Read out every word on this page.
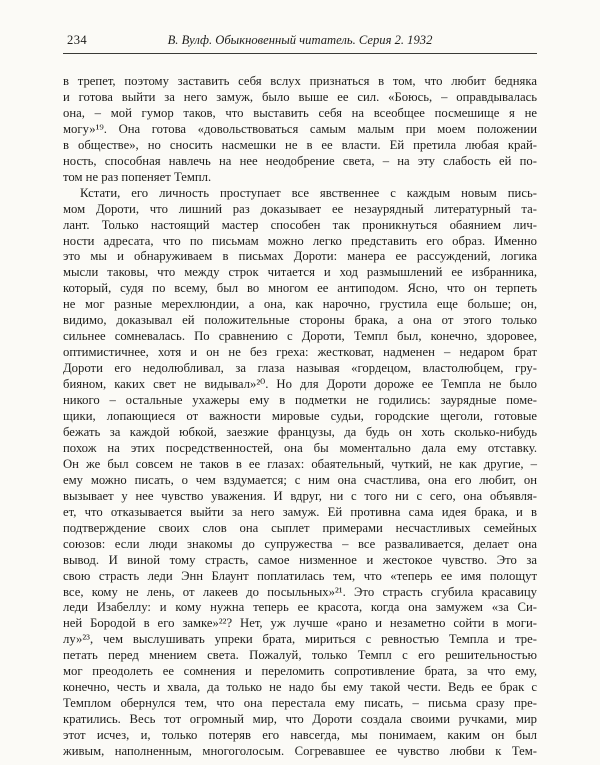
234	В. Вулф. Обыкновенный читатель. Серия 2. 1932
в трепет, поэтому заставить себя вслух признаться в том, что любит бедняка
и готова выйти за него замуж, было выше ее сил. «Боюсь, – оправдывалась
она, – мой гумор таков, что выставить себя на всеобщее посмешище я не
могу»¹⁹. Она готова «довольствоваться самым малым при моем положении
в обществе», но сносить насмешки не в ее власти. Ей претила любая край-
ность, способная навлечь на нее неодобрение света, – на эту слабость ей по-
том не раз попеняет Темпл.
Кстати, его личность проступает все явственнее с каждым новым пись-
мом Дороти, что лишний раз доказывает ее незаурядный литературный та-
лант. Только настоящий мастер способен так проникнуться обаянием лич-
ности адресата, что по письмам можно легко представить его образ. Именно
это мы и обнаруживаем в письмах Дороти: манера ее рассуждений, логика
мысли таковы, что между строк читается и ход размышлений ее избранника,
который, судя по всему, был во многом ее антиподом. Ясно, что он терпеть
не мог разные мерехлюндии, а она, как нарочно, грустила еще больше; он,
видимо, доказывал ей положительные стороны брака, а она от этого только
сильнее сомневалась. По сравнению с Дороти, Темпл был, конечно, здоровее,
оптимистичнее, хотя и он не без греха: жестковат, надменен – недаром брат
Дороти его недолюбливал, за глаза называя «гордецом, властолюбцем, гру-
бияном, каких свет не видывал»²⁰. Но для Дороти дороже ее Темпла не было
никого – остальные ухажеры ему в подметки не годились: заурядные поме-
щики, лопающиеся от важности мировые судьи, городские щеголи, готовые
бежать за каждой юбкой, заезжие французы, да будь он хоть сколько-нибудь
похож на этих посредственностей, она бы моментально дала ему отставку.
Он же был совсем не таков в ее глазах: обаятельный, чуткий, не как другие, –
ему можно писать, о чем вздумается; с ним она счастлива, она его любит, он
вызывает у нее чувство уважения. И вдруг, ни с того ни с сего, она объявля-
ет, что отказывается выйти за него замуж. Ей противна сама идея брака, и в
подтверждение своих слов она сыплет примерами несчастливых семейных
союзов: если люди знакомы до супружества – все разваливается, делает она
вывод. И виной тому страсть, самое низменное и жестокое чувство. Это за
свою страсть леди Энн Блаунт поплатилась тем, что «теперь ее имя полощут
все, кому не лень, от лакеев до посыльных»²¹. Это страсть сгубила красавицу
леди Изабеллу: и кому нужна теперь ее красота, когда она замужем «за Си-
ней Бородой в его замке»²²? Нет, уж лучше «рано и незаметно сойти в моги-
лу»²³, чем выслушивать упреки брата, мириться с ревностью Темпла и тре-
петать перед мнением света. Пожалуй, только Темпл с его решительностью
мог преодолеть ее сомнения и переломить сопротивление брата, за что ему,
конечно, честь и хвала, да только не надо бы ему такой чести. Ведь ее брак с
Темплом обернулся тем, что она перестала ему писать, – письма сразу пре-
кратились. Весь тот огромный мир, что Дороти создала своими ручками, мир
этот исчез, и, только потеряв его навсегда, мы понимаем, каким он был
живым, наполненным, многоголосым. Согревавшее ее чувство любви к Тем-
